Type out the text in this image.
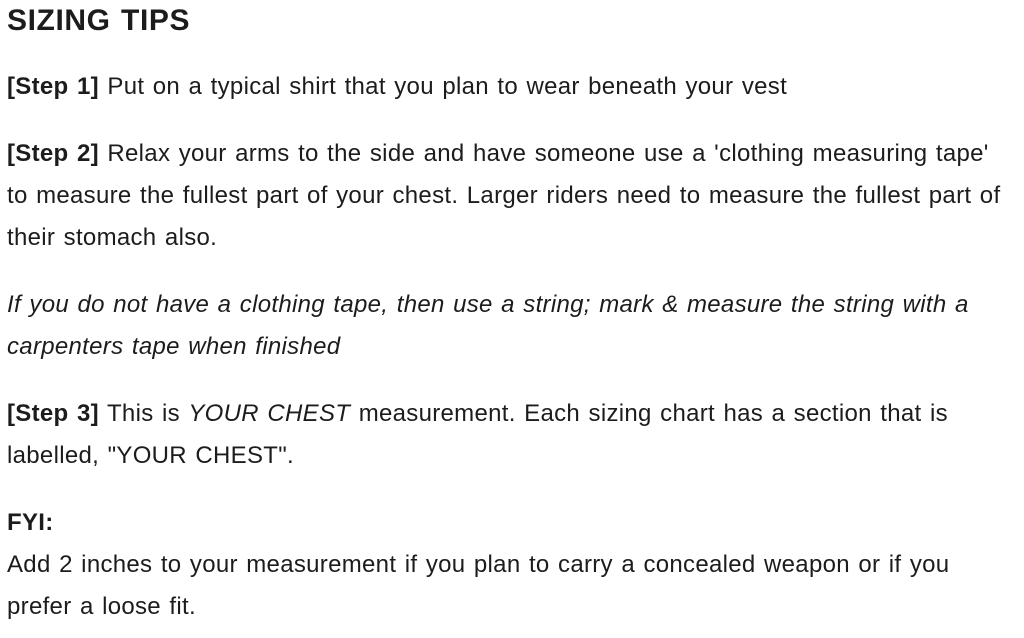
SIZING TIPS

[Step 1] Put on a typical shirt that you plan to wear beneath your vest

[Step 2] Relax your arms to the side and have someone use a 'clothing measuring tape' to measure the fullest part of your chest. Larger riders need to measure the fullest part of their stomach also.

If you do not have a clothing tape, then use a string; mark & measure the string with a carpenters tape when finished

[Step 3] This is YOUR CHEST measurement. Each sizing chart has a section that is labelled, "YOUR CHEST".

FYI:

Add 2 inches to your measurement if you plan to carry a concealed weapon or if you prefer a loose fit.
